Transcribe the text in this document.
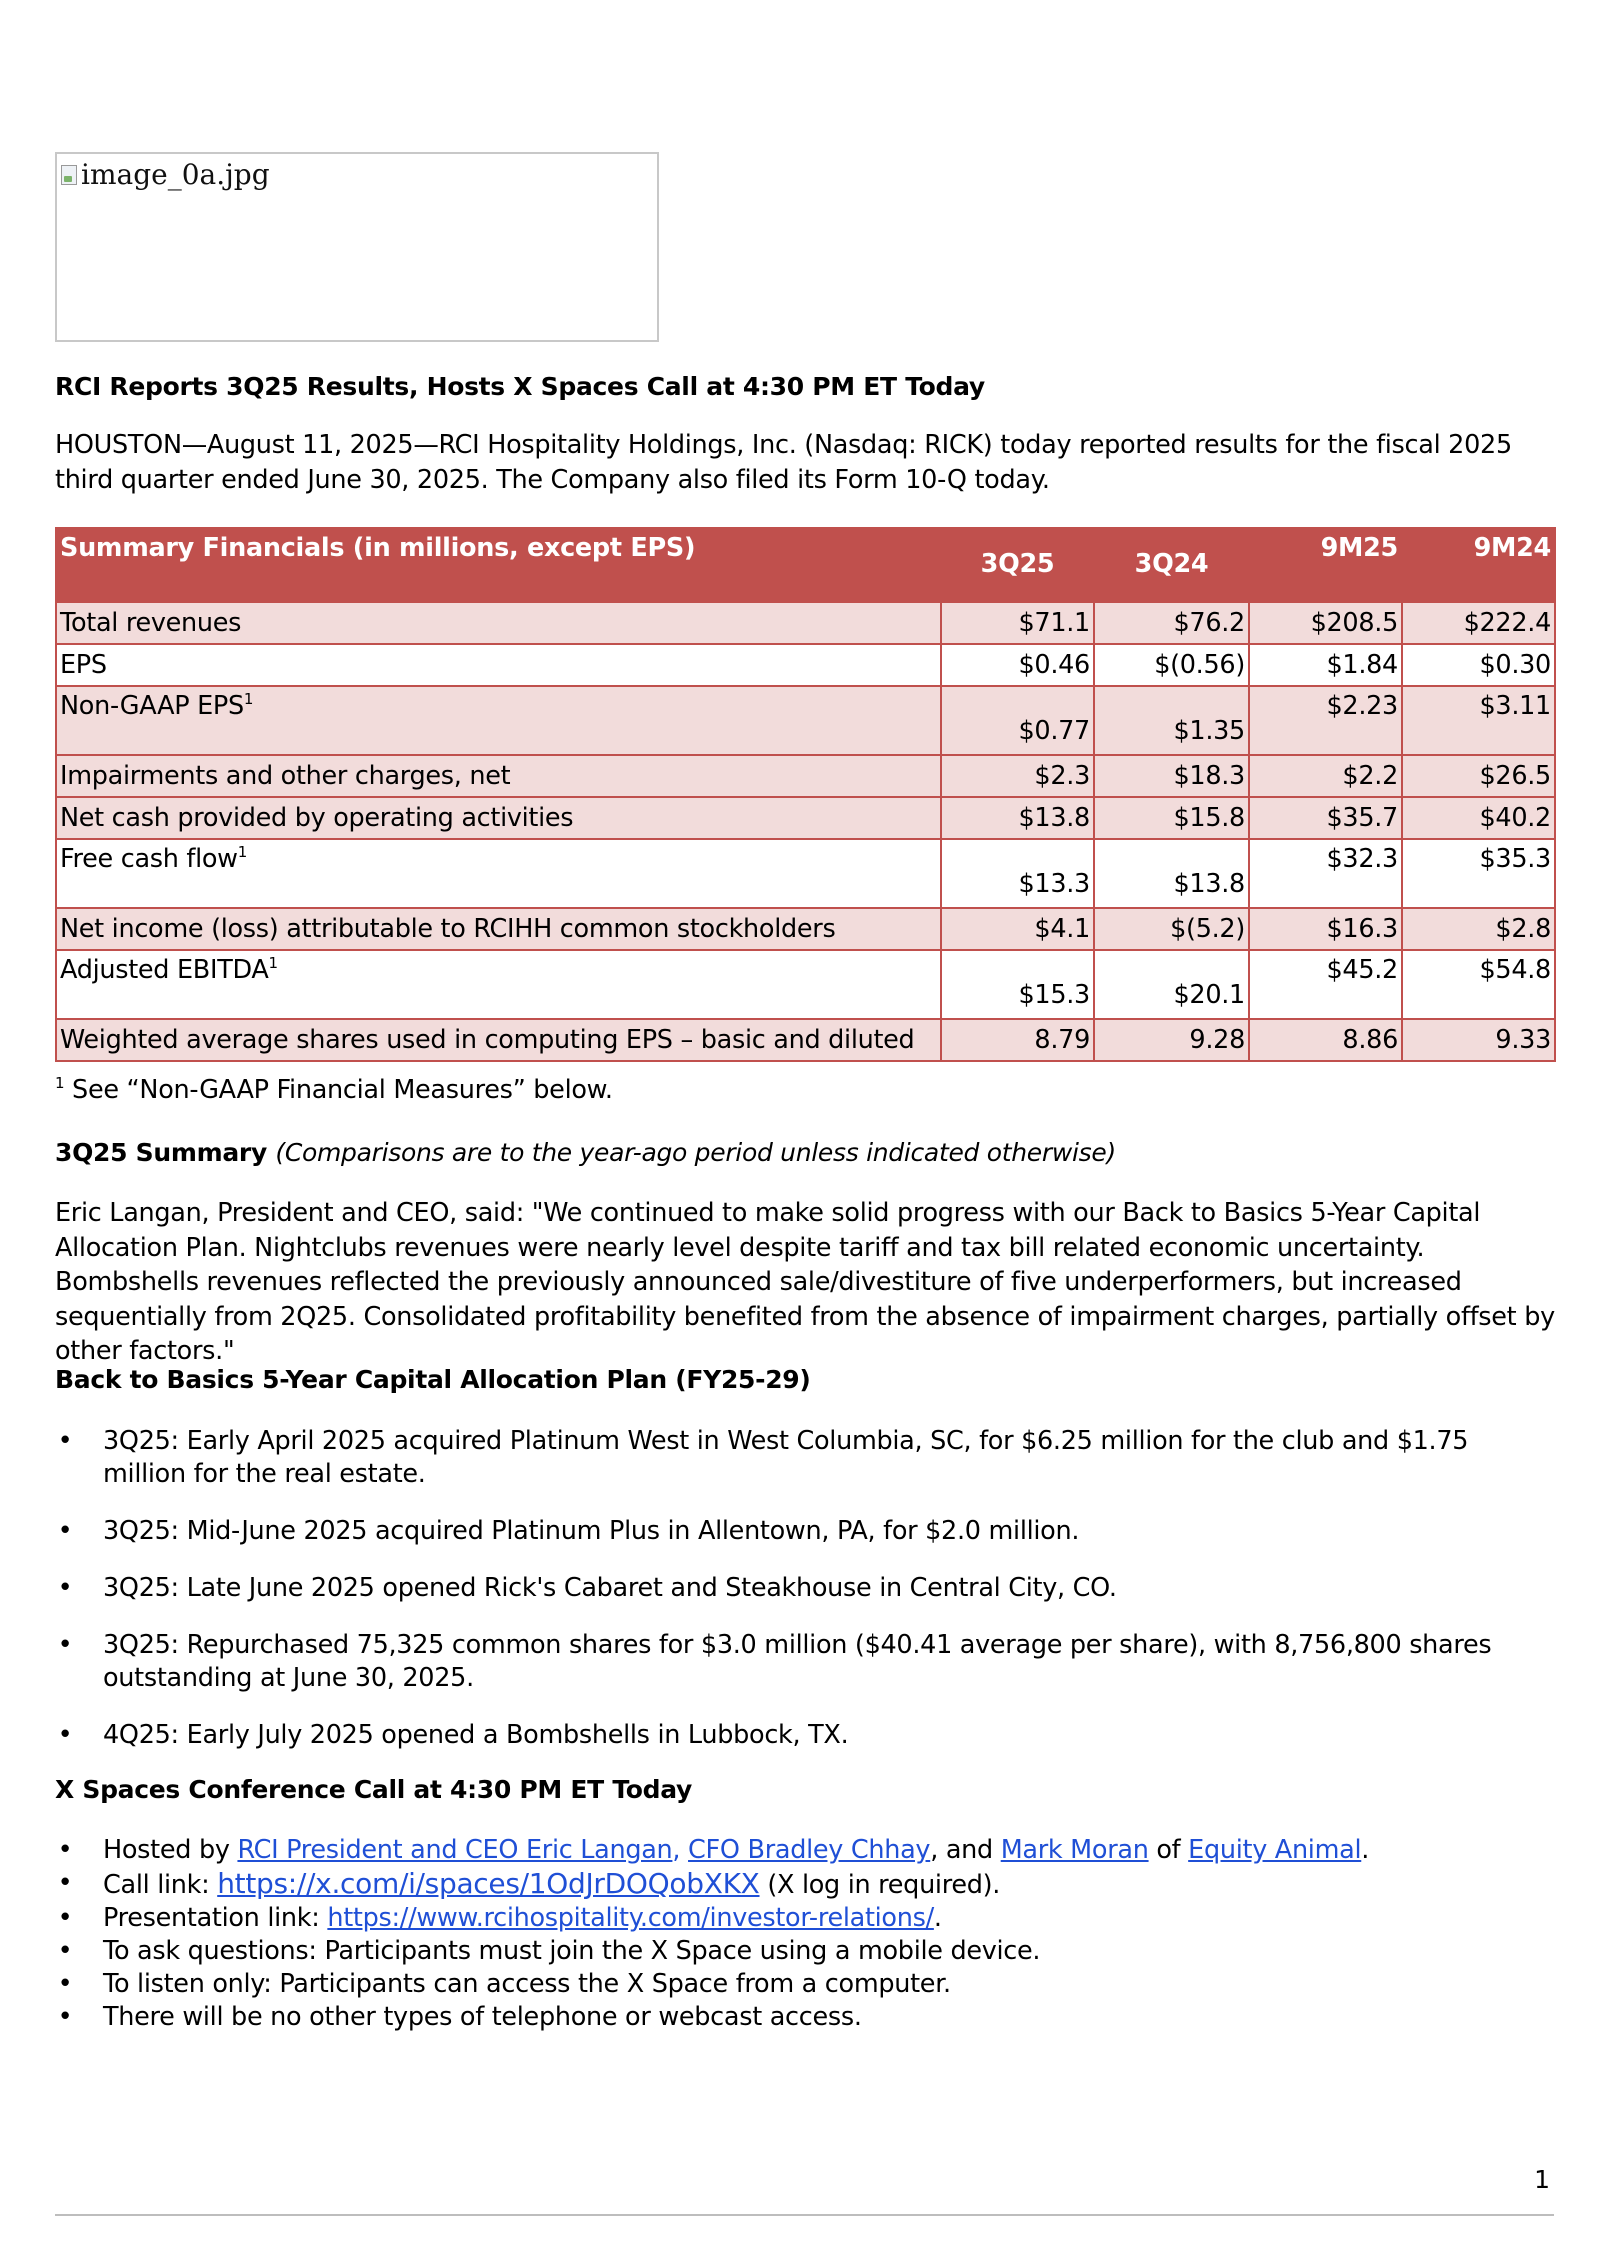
image_0a.jpg
RCI Reports 3Q25 Results, Hosts X Spaces Call at 4:30 PM ET Today
HOUSTON—August 11, 2025—RCI Hospitality Holdings, Inc. (Nasdaq: RICK) today reported results for the fiscal 2025 third quarter ended June 30, 2025. The Company also filed its Form 10-Q today.
Summary Financials (in millions, except EPS)	3Q25	3Q24	9M25	9M24

Total revenues	$71.1	$76.2	$208.5	$222.4
EPS	$0.46	$(0.56)	$1.84	$0.30
Non-GAAP EPS$^1$	$0.77	$1.35	$2.23	$3.11
Impairments and other charges, net	$2.3	$18.3	$2.2	$26.5
Net cash provided by operating activities	$13.8	$15.8	$35.7	$40.2
Free cash flow$^1$	$13.3	$13.8	$32.3	$35.3
Net income (loss) attributable to RCIHH common stockholders	$4.1	$(5.2)	$16.3	$2.8
Adjusted EBITDA$^1$	$15.3	$20.1	$45.2	$54.8
Weighted average shares used in computing EPS – basic and diluted	8.79	9.28	8.86	9.33
$^1$ See “Non-GAAP Financial Measures” below.
3Q25 Summary (Comparisons are to the year-ago period unless indicated otherwise)
Eric Langan, President and CEO, said: "We continued to make solid progress with our Back to Basics 5-Year Capital Allocation Plan. Nightclubs revenues were nearly level despite tariff and tax bill related economic uncertainty. Bombshells revenues reflected the previously announced sale/divestiture of five underperformers, but increased sequentially from 2Q25. Consolidated profitability benefited from the absence of impairment charges, partially offset by other factors."
Back to Basics 5-Year Capital Allocation Plan (FY25-29)
• 3Q25: Early April 2025 acquired Platinum West in West Columbia, SC, for $6.25 million for the club and $1.75 million for the real estate.
• 3Q25: Mid-June 2025 acquired Platinum Plus in Allentown, PA, for $2.0 million.
• 3Q25: Late June 2025 opened Rick's Cabaret and Steakhouse in Central City, CO.
• 3Q25: Repurchased 75,325 common shares for $3.0 million ($40.41 average per share), with 8,756,800 shares outstanding at June 30, 2025.
• 4Q25: Early July 2025 opened a Bombshells in Lubbock, TX.
X Spaces Conference Call at 4:30 PM ET Today
• Hosted by RCI President and CEO Eric Langan, CFO Bradley Chhay, and Mark Moran of Equity Animal.
• Call link: https://x.com/i/spaces/1OdJrDOQobXKX (X log in required).
• Presentation link: https://www.rcihospitality.com/investor-relations/.
• To ask questions: Participants must join the X Space using a mobile device.
• To listen only: Participants can access the X Space from a computer.
• There will be no other types of telephone or webcast access.
1
